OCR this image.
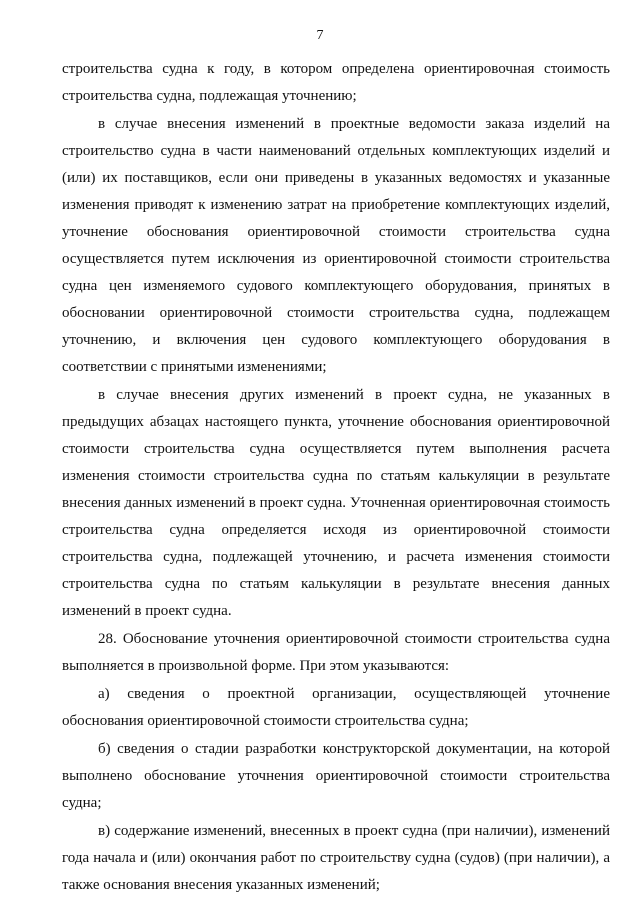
7

строительства судна к году, в котором определена ориентировочная стоимость строительства судна, подлежащая уточнению;

в случае внесения изменений в проектные ведомости заказа изделий на строительство судна в части наименований отдельных комплектующих изделий и (или) их поставщиков, если они приведены в указанных ведомостях и указанные изменения приводят к изменению затрат на приобретение комплектующих изделий, уточнение обоснования ориентировочной стоимости строительства судна осуществляется путем исключения из ориентировочной стоимости строительства судна цен изменяемого судового комплектующего оборудования, принятых в обосновании ориентировочной стоимости строительства судна, подлежащем уточнению, и включения цен судового комплектующего оборудования в соответствии с принятыми изменениями;

в случае внесения других изменений в проект судна, не указанных в предыдущих абзацах настоящего пункта, уточнение обоснования ориентировочной стоимости строительства судна осуществляется путем выполнения расчета изменения стоимости строительства судна по статьям калькуляции в результате внесения данных изменений в проект судна. Уточненная ориентировочная стоимость строительства судна определяется исходя из ориентировочной стоимости строительства судна, подлежащей уточнению, и расчета изменения стоимости строительства судна по статьям калькуляции в результате внесения данных изменений в проект судна.

28. Обоснование уточнения ориентировочной стоимости строительства судна выполняется в произвольной форме. При этом указываются:

а) сведения о проектной организации, осуществляющей уточнение обоснования ориентировочной стоимости строительства судна;

б) сведения о стадии разработки конструкторской документации, на которой выполнено обоснование уточнения ориентировочной стоимости строительства судна;

в) содержание изменений, внесенных в проект судна (при наличии), изменений года начала и (или) окончания работ по строительству судна (судов) (при наличии), а также основания внесения указанных изменений;
